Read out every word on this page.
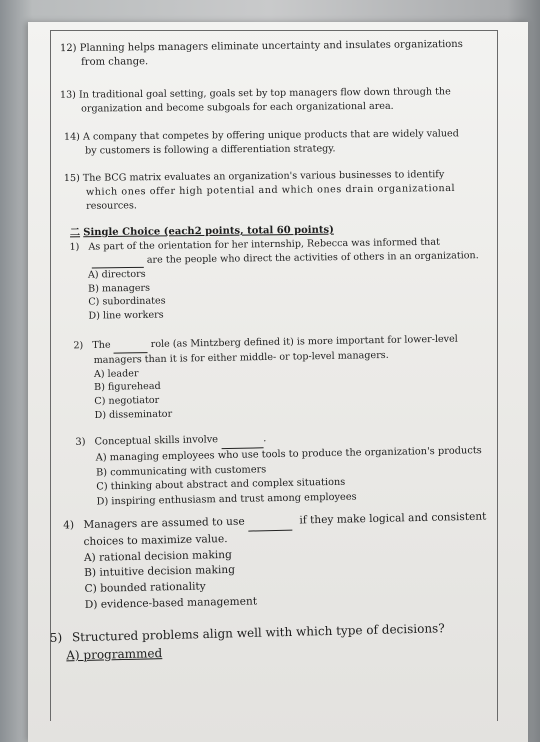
12) Planning helps managers eliminate uncertainty and insulates organizations
from change.
13) In traditional goal setting, goals set by top managers flow down through the
organization and become subgoals for each organizational area.
14) A company that competes by offering unique products that are widely valued
by customers is following a differentiation strategy.
15) The BCG matrix evaluates an organization's various businesses to identify
which ones offer high potential and which ones drain organizational
resources.
二 Single Choice (each2 points, total 60 points)
1) As part of the orientation for her internship, Rebecca was informed that
are the people who direct the activities of others in an organization.
A) directors
B) managers
C) subordinates
D) line workers
2) The	role (as Mintzberg defined it) is more important for lower-level
managers than it is for either middle- or top-level managers.
A) leader
B) figurehead
C) negotiator
D) disseminator
3) Conceptual skills involve	.
A) managing employees who use tools to produce the organization's products
B) communicating with customers
C) thinking about abstract and complex situations
D) inspiring enthusiasm and trust among employees
4) Managers are assumed to use	if they make logical and consistent
choices to maximize value.
A) rational decision making
B) intuitive decision making
C) bounded rationality
D) evidence-based management
5) Structured problems align well with which type of decisions?
A) programmed
